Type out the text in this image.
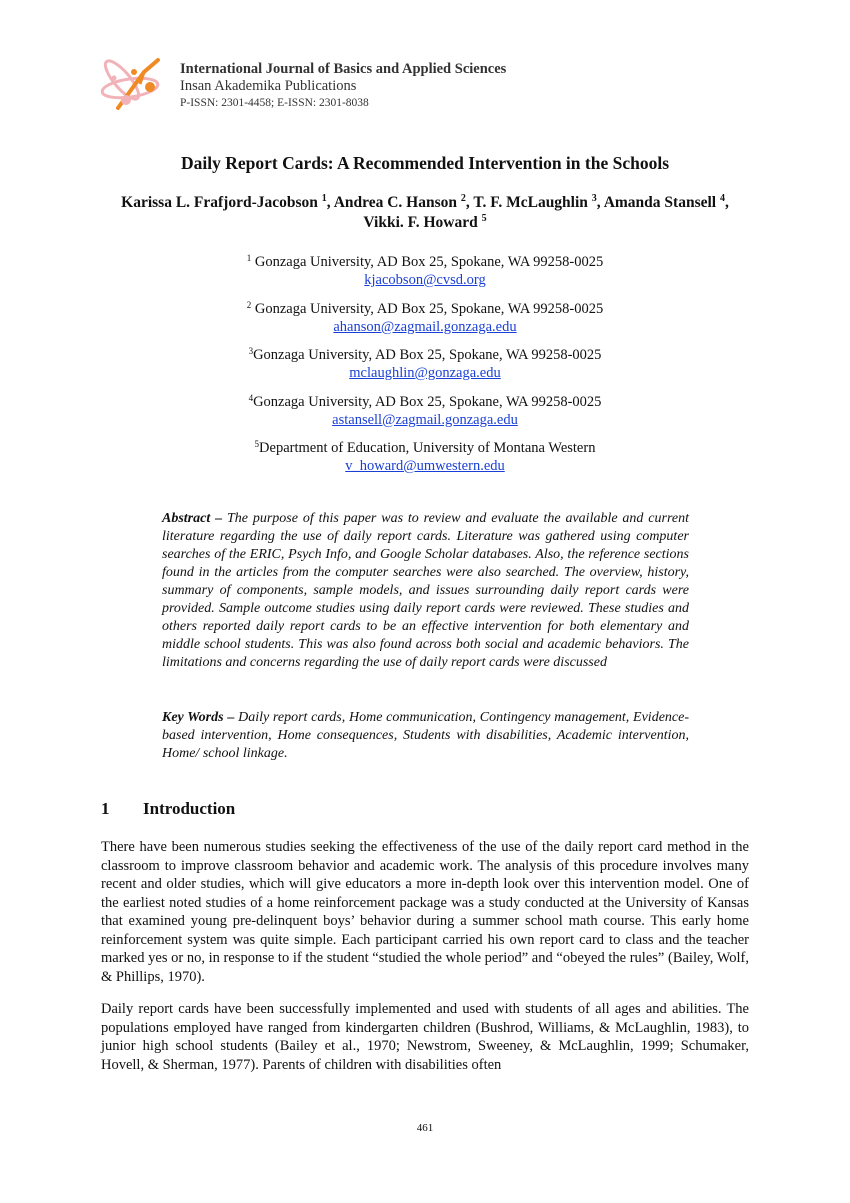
International Journal of Basics and Applied Sciences
Insan Akademika Publications
P-ISSN: 2301-4458; E-ISSN: 2301-8038
Daily Report Cards: A Recommended Intervention in the Schools
Karissa L. Frafjord-Jacobson $^1$, Andrea C. Hanson $^2$, T. F. McLaughlin $^3$, Amanda Stansell $^4$, Vikki. F. Howard $^5$
$^1$ Gonzaga University, AD Box 25, Spokane, WA 99258-0025
kjacobson@cvsd.org
$^2$ Gonzaga University, AD Box 25, Spokane, WA 99258-0025
ahanson@zagmail.gonzaga.edu
$^3$Gonzaga University, AD Box 25, Spokane, WA 99258-0025
mclaughlin@gonzaga.edu
$^4$Gonzaga University, AD Box 25, Spokane, WA 99258-0025
astansell@zagmail.gonzaga.edu
$^5$Department of Education, University of Montana Western
v_howard@umwestern.edu
Abstract – The purpose of this paper was to review and evaluate the available and current literature regarding the use of daily report cards. Literature was gathered using computer searches of the ERIC, Psych Info, and Google Scholar databases. Also, the reference sections found in the articles from the computer searches were also searched. The overview, history, summary of components, sample models, and issues surrounding daily report cards were provided. Sample outcome studies using daily report cards were reviewed. These studies and others reported daily report cards to be an effective intervention for both elementary and middle school students. This was also found across both social and academic behaviors. The limitations and concerns regarding the use of daily report cards were discussed
Key Words – Daily report cards, Home communication, Contingency management, Evidence-based intervention, Home consequences, Students with disabilities, Academic intervention, Home/ school linkage.
1 Introduction
There have been numerous studies seeking the effectiveness of the use of the daily report card method in the classroom to improve classroom behavior and academic work. The analysis of this procedure involves many recent and older studies, which will give educators a more in-depth look over this intervention model. One of the earliest noted studies of a home reinforcement package was a study conducted at the University of Kansas that examined young pre-delinquent boys’ behavior during a summer school math course. This early home reinforcement system was quite simple. Each participant carried his own report card to class and the teacher marked yes or no, in response to if the student “studied the whole period” and “obeyed the rules” (Bailey, Wolf, & Phillips, 1970).
Daily report cards have been successfully implemented and used with students of all ages and abilities. The populations employed have ranged from kindergarten children (Bushrod, Williams, & McLaughlin, 1983), to junior high school students (Bailey et al., 1970; Newstrom, Sweeney, & McLaughlin, 1999; Schumaker, Hovell, & Sherman, 1977). Parents of children with disabilities often
461
